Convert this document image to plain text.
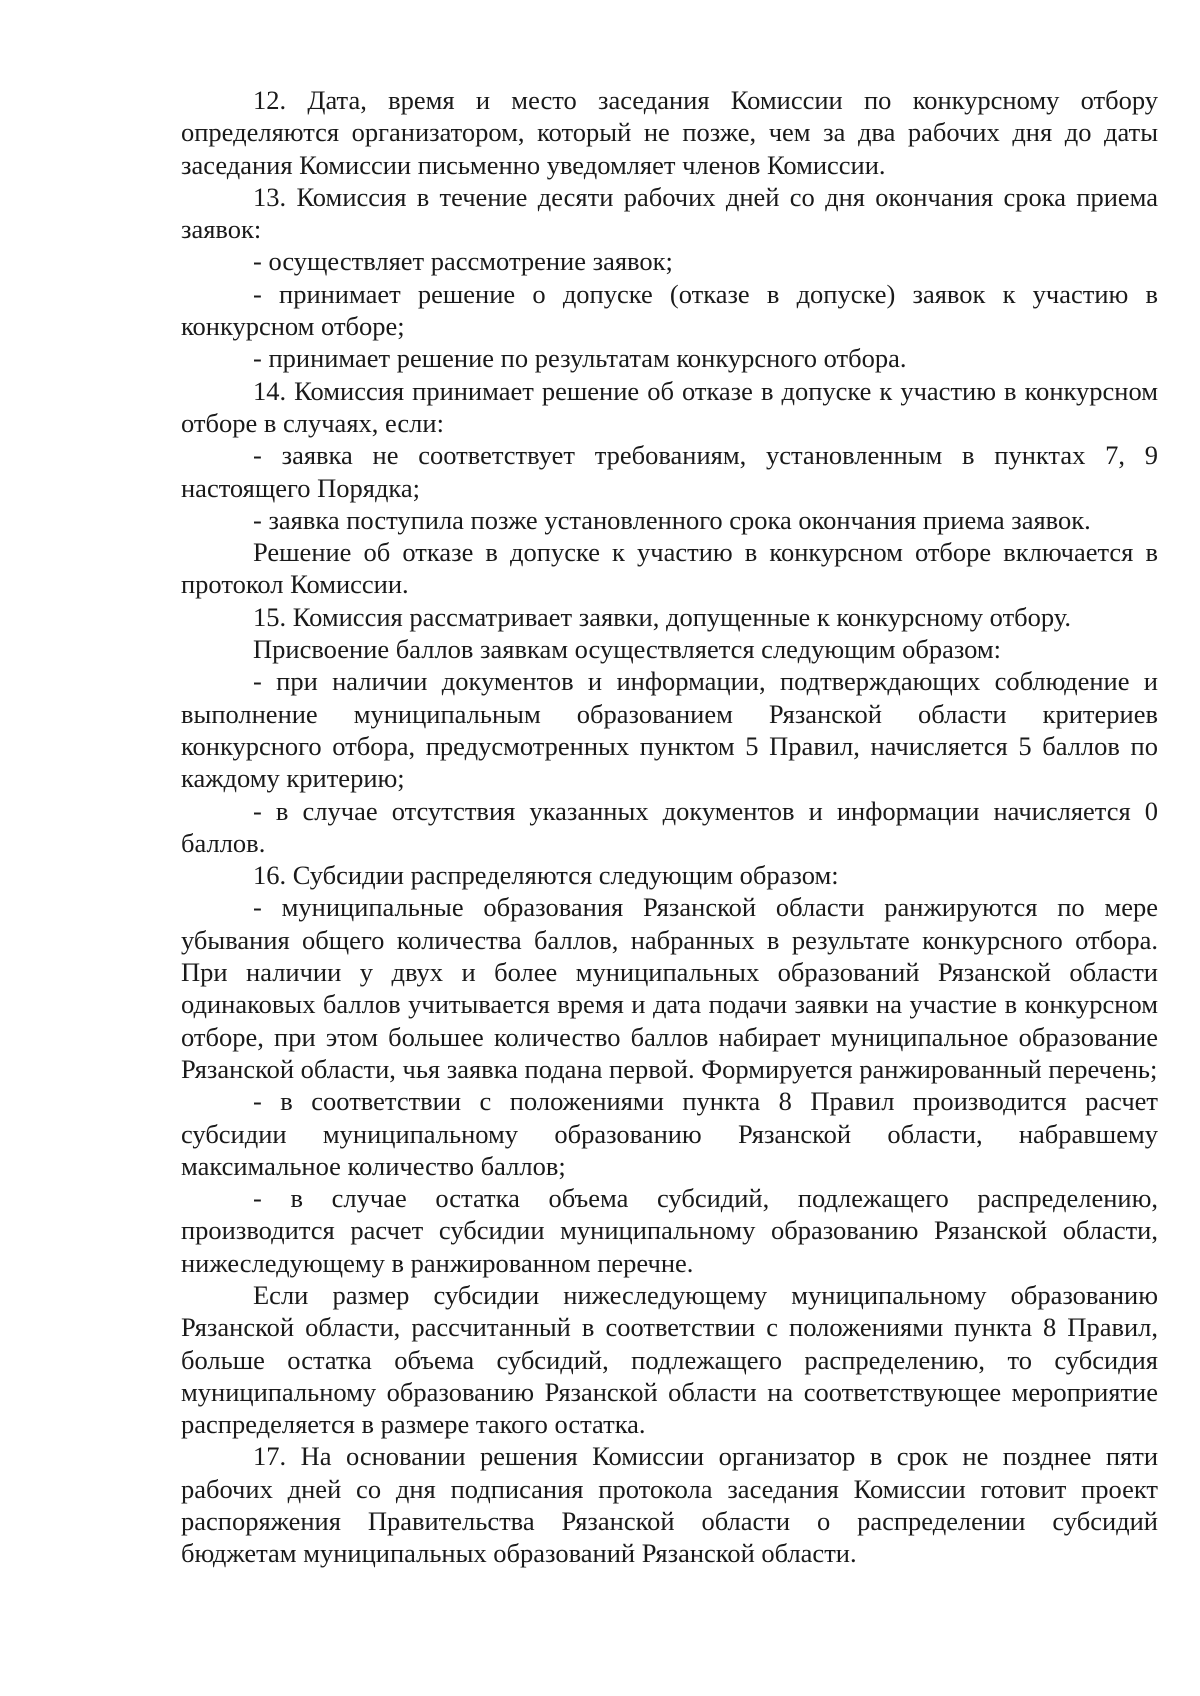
12. Дата, время и место заседания Комиссии по конкурсному отбору определяются организатором, который не позже, чем за два рабочих дня до даты заседания Комиссии письменно уведомляет членов Комиссии.

13. Комиссия в течение десяти рабочих дней со дня окончания срока приема заявок:

- осуществляет рассмотрение заявок;

- принимает решение о допуске (отказе в допуске) заявок к участию в конкурсном отборе;

- принимает решение по результатам конкурсного отбора.

14. Комиссия принимает решение об отказе в допуске к участию в конкурсном отборе в случаях, если:

- заявка не соответствует требованиям, установленным в пунктах 7, 9 настоящего Порядка;

- заявка поступила позже установленного срока окончания приема заявок.

Решение об отказе в допуске к участию в конкурсном отборе включается в протокол Комиссии.

15. Комиссия рассматривает заявки, допущенные к конкурсному отбору.

Присвоение баллов заявкам осуществляется следующим образом:

- при наличии документов и информации, подтверждающих соблюдение и выполнение муниципальным образованием Рязанской области критериев конкурсного отбора, предусмотренных пунктом 5 Правил, начисляется 5 баллов по каждому критерию;

- в случае отсутствия указанных документов и информации начисляется 0 баллов.

16. Субсидии распределяются следующим образом:

- муниципальные образования Рязанской области ранжируются по мере убывания общего количества баллов, набранных в результате конкурсного отбора. При наличии у двух и более муниципальных образований Рязанской области одинаковых баллов учитывается время и дата подачи заявки на участие в конкурсном отборе, при этом большее количество баллов набирает муниципальное образование Рязанской области, чья заявка подана первой. Формируется ранжированный перечень;

- в соответствии с положениями пункта 8 Правил производится расчет субсидии муниципальному образованию Рязанской области, набравшему максимальное количество баллов;

- в случае остатка объема субсидий, подлежащего распределению, производится расчет субсидии муниципальному образованию Рязанской области, нижеследующему в ранжированном перечне.

Если размер субсидии нижеследующему муниципальному образованию Рязанской области, рассчитанный в соответствии с положениями пункта 8 Правил, больше остатка объема субсидий, подлежащего распределению, то субсидия муниципальному образованию Рязанской области на соответствующее мероприятие распределяется в размере такого остатка.

17. На основании решения Комиссии организатор в срок не позднее пяти рабочих дней со дня подписания протокола заседания Комиссии готовит проект распоряжения Правительства Рязанской области о распределении субсидий бюджетам муниципальных образований Рязанской области.
